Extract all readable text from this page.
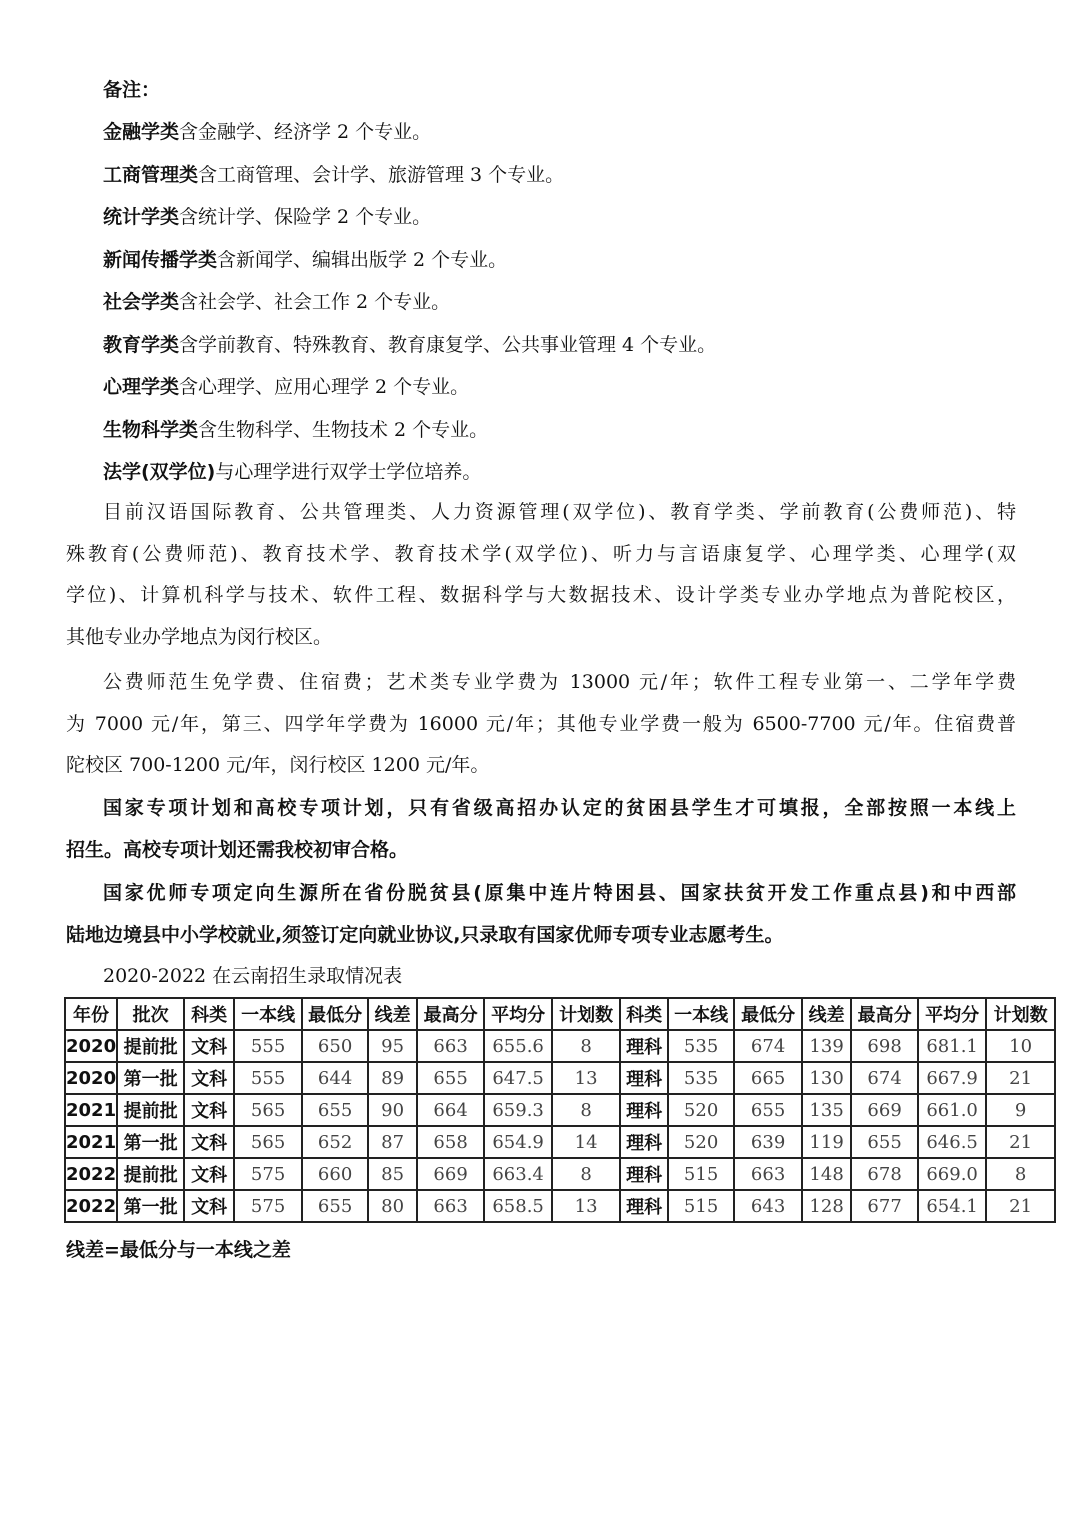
备注：
金融学类含金融学、经济学 2 个专业。
工商管理类含工商管理、会计学、旅游管理 3 个专业。
统计学类含统计学、保险学 2 个专业。
新闻传播学类含新闻学、编辑出版学 2 个专业。
社会学类含社会学、社会工作 2 个专业。
教育学类含学前教育、特殊教育、教育康复学、公共事业管理 4 个专业。
心理学类含心理学、应用心理学 2 个专业。
生物科学类含生物科学、生物技术 2 个专业。
法学(双学位)与心理学进行双学士学位培养。
目前汉语国际教育、公共管理类、人力资源管理(双学位)、教育学类、学前教育(公费师范)、特
殊教育(公费师范)、教育技术学、教育技术学(双学位)、听力与言语康复学、心理学类、心理学(双
学位)、计算机科学与技术、软件工程、数据科学与大数据技术、设计学类专业办学地点为普陀校区，
其他专业办学地点为闵行校区。
公费师范生免学费、住宿费；艺术类专业学费为 13000 元/年；软件工程专业第一、二学年学费
为 7000 元/年，第三、四学年学费为 16000 元/年；其他专业学费一般为 6500-7700 元/年。住宿费普
陀校区 700-1200 元/年，闵行校区 1200 元/年。
国家专项计划和高校专项计划，只有省级高招办认定的贫困县学生才可填报，全部按照一本线上
招生。高校专项计划还需我校初审合格。
国家优师专项定向生源所在省份脱贫县(原集中连片特困县、国家扶贫开发工作重点县)和中西部
陆地边境县中小学校就业,须签订定向就业协议,只录取有国家优师专项专业志愿考生。
2020-2022 在云南招生录取情况表
年份	批次	科类	一本线	最低分	线差	最高分	平均分	计划数	科类	一本线	最低分	线差	最高分	平均分	计划数
2020	提前批	文科	555	650	95	663	655.6	8	理科	535	674	139	698	681.1	10
2020	第一批	文科	555	644	89	655	647.5	13	理科	535	665	130	674	667.9	21
2021	提前批	文科	565	655	90	664	659.3	8	理科	520	655	135	669	661.0	9
2021	第一批	文科	565	652	87	658	654.9	14	理科	520	639	119	655	646.5	21
2022	提前批	文科	575	660	85	669	663.4	8	理科	515	663	148	678	669.0	8
2022	第一批	文科	575	655	80	663	658.5	13	理科	515	643	128	677	654.1	21
线差=最低分与一本线之差
